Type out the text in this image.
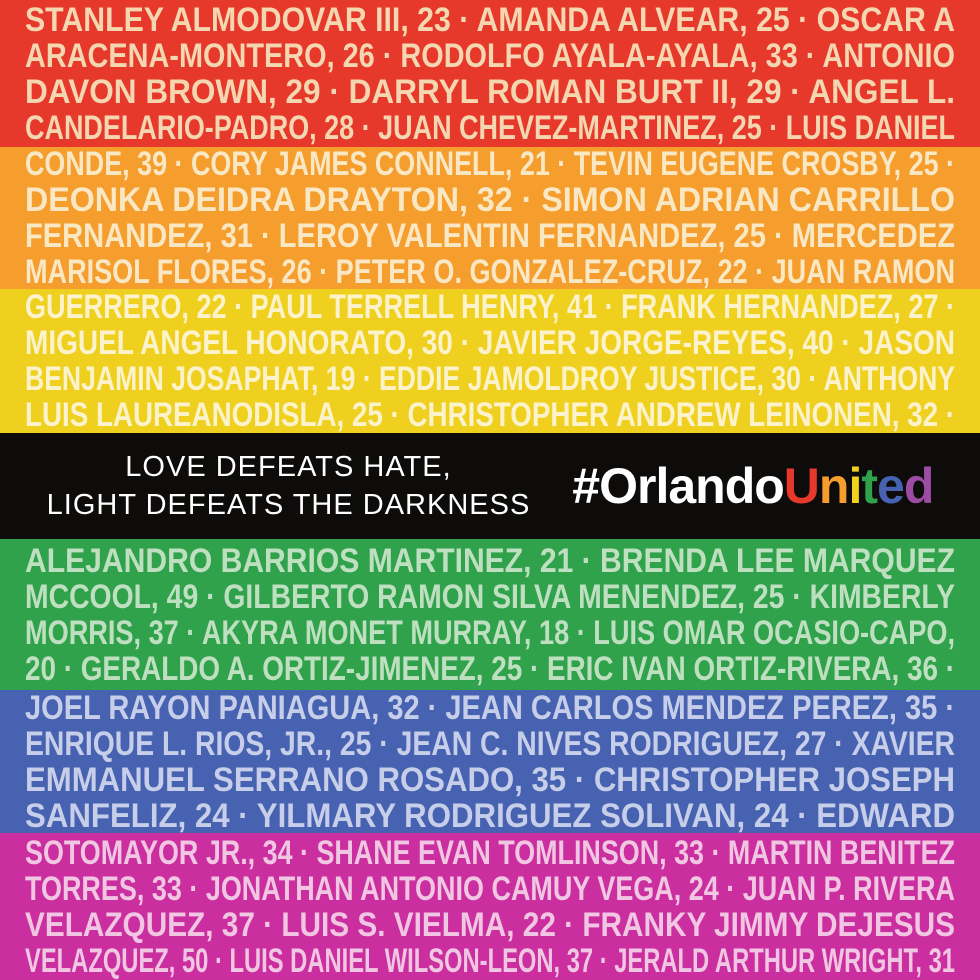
STANLEY ALMODOVAR III, 23 · AMANDA ALVEAR, 25 · OSCAR A
ARACENA-MONTERO, 26 · RODOLFO AYALA-AYALA, 33 · ANTONIO
DAVON BROWN, 29 · DARRYL ROMAN BURT II, 29 · ANGEL L.
CANDELARIO-PADRO, 28 · JUAN CHEVEZ-MARTINEZ, 25 · LUIS DANIEL
CONDE, 39 · CORY JAMES CONNELL, 21 · TEVIN EUGENE CROSBY, 25 ·
DEONKA DEIDRA DRAYTON, 32 · SIMON ADRIAN CARRILLO
FERNANDEZ, 31 · LEROY VALENTIN FERNANDEZ, 25 · MERCEDEZ
MARISOL FLORES, 26 · PETER O. GONZALEZ-CRUZ, 22 · JUAN RAMON
GUERRERO, 22 · PAUL TERRELL HENRY, 41 · FRANK HERNANDEZ, 27 ·
MIGUEL ANGEL HONORATO, 30 · JAVIER JORGE-REYES, 40 · JASON
BENJAMIN JOSAPHAT, 19 · EDDIE JAMOLDROY JUSTICE, 30 · ANTHONY
LUIS LAUREANODISLA, 25 · CHRISTOPHER ANDREW LEINONEN, 32 ·
LOVE DEFEATS HATE,
LIGHT DEFEATS THE DARKNESS #OrlandoUnited
ALEJANDRO BARRIOS MARTINEZ, 21 · BRENDA LEE MARQUEZ
MCCOOL, 49 · GILBERTO RAMON SILVA MENENDEZ, 25 · KIMBERLY
MORRIS, 37 · AKYRA MONET MURRAY, 18 · LUIS OMAR OCASIO-CAPO,
20 · GERALDO A. ORTIZ-JIMENEZ, 25 · ERIC IVAN ORTIZ-RIVERA, 36 ·
JOEL RAYON PANIAGUA, 32 · JEAN CARLOS MENDEZ PEREZ, 35 ·
ENRIQUE L. RIOS, JR., 25 · JEAN C. NIVES RODRIGUEZ, 27 · XAVIER
EMMANUEL SERRANO ROSADO, 35 · CHRISTOPHER JOSEPH
SANFELIZ, 24 · YILMARY RODRIGUEZ SOLIVAN, 24 · EDWARD
SOTOMAYOR JR., 34 · SHANE EVAN TOMLINSON, 33 · MARTIN BENITEZ
TORRES, 33 · JONATHAN ANTONIO CAMUY VEGA, 24 · JUAN P. RIVERA
VELAZQUEZ, 37 · LUIS S. VIELMA, 22 · FRANKY JIMMY DEJESUS
VELAZQUEZ, 50 · LUIS DANIEL WILSON-LEON, 37 · JERALD ARTHUR WRIGHT, 31
